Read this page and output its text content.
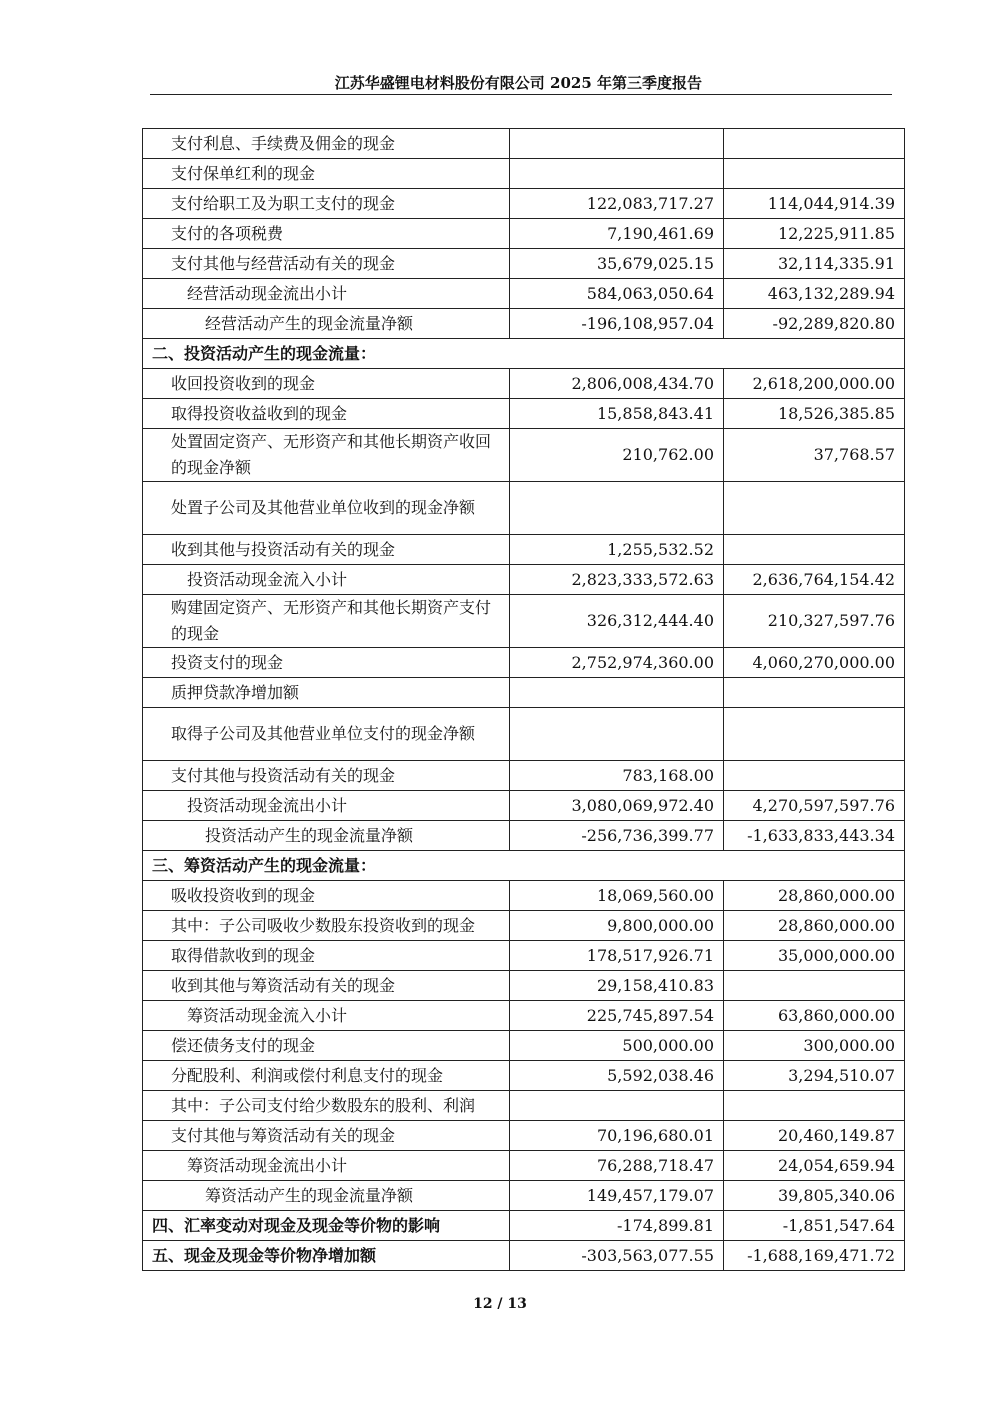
江苏华盛锂电材料股份有限公司 2025 年第三季度报告
支付利息、手续费及佣金的现金		
支付保单红利的现金		
支付给职工及为职工支付的现金	122,083,717.27	114,044,914.39
支付的各项税费	7,190,461.69	12,225,911.85
支付其他与经营活动有关的现金	35,679,025.15	32,114,335.91
经营活动现金流出小计	584,063,050.64	463,132,289.94
经营活动产生的现金流量净额	-196,108,957.04	-92,289,820.80
二、投资活动产生的现金流量：		
收回投资收到的现金	2,806,008,434.70	2,618,200,000.00
取得投资收益收到的现金	15,858,843.41	18,526,385.85
处置固定资产、无形资产和其他长期资产收回的现金净额	210,762.00	37,768.57
处置子公司及其他营业单位收到的现金净额		
收到其他与投资活动有关的现金	1,255,532.52	
投资活动现金流入小计	2,823,333,572.63	2,636,764,154.42
购建固定资产、无形资产和其他长期资产支付的现金	326,312,444.40	210,327,597.76
投资支付的现金	2,752,974,360.00	4,060,270,000.00
质押贷款净增加额		
取得子公司及其他营业单位支付的现金净额		
支付其他与投资活动有关的现金	783,168.00	
投资活动现金流出小计	3,080,069,972.40	4,270,597,597.76
投资活动产生的现金流量净额	-256,736,399.77	-1,633,833,443.34
三、筹资活动产生的现金流量：		
吸收投资收到的现金	18,069,560.00	28,860,000.00
其中：子公司吸收少数股东投资收到的现金	9,800,000.00	28,860,000.00
取得借款收到的现金	178,517,926.71	35,000,000.00
收到其他与筹资活动有关的现金	29,158,410.83	
筹资活动现金流入小计	225,745,897.54	63,860,000.00
偿还债务支付的现金	500,000.00	300,000.00
分配股利、利润或偿付利息支付的现金	5,592,038.46	3,294,510.07
其中：子公司支付给少数股东的股利、利润		
支付其他与筹资活动有关的现金	70,196,680.01	20,460,149.87
筹资活动现金流出小计	76,288,718.47	24,054,659.94
筹资活动产生的现金流量净额	149,457,179.07	39,805,340.06
四、汇率变动对现金及现金等价物的影响	-174,899.81	-1,851,547.64
五、现金及现金等价物净增加额	-303,563,077.55	-1,688,169,471.72
12 / 13
